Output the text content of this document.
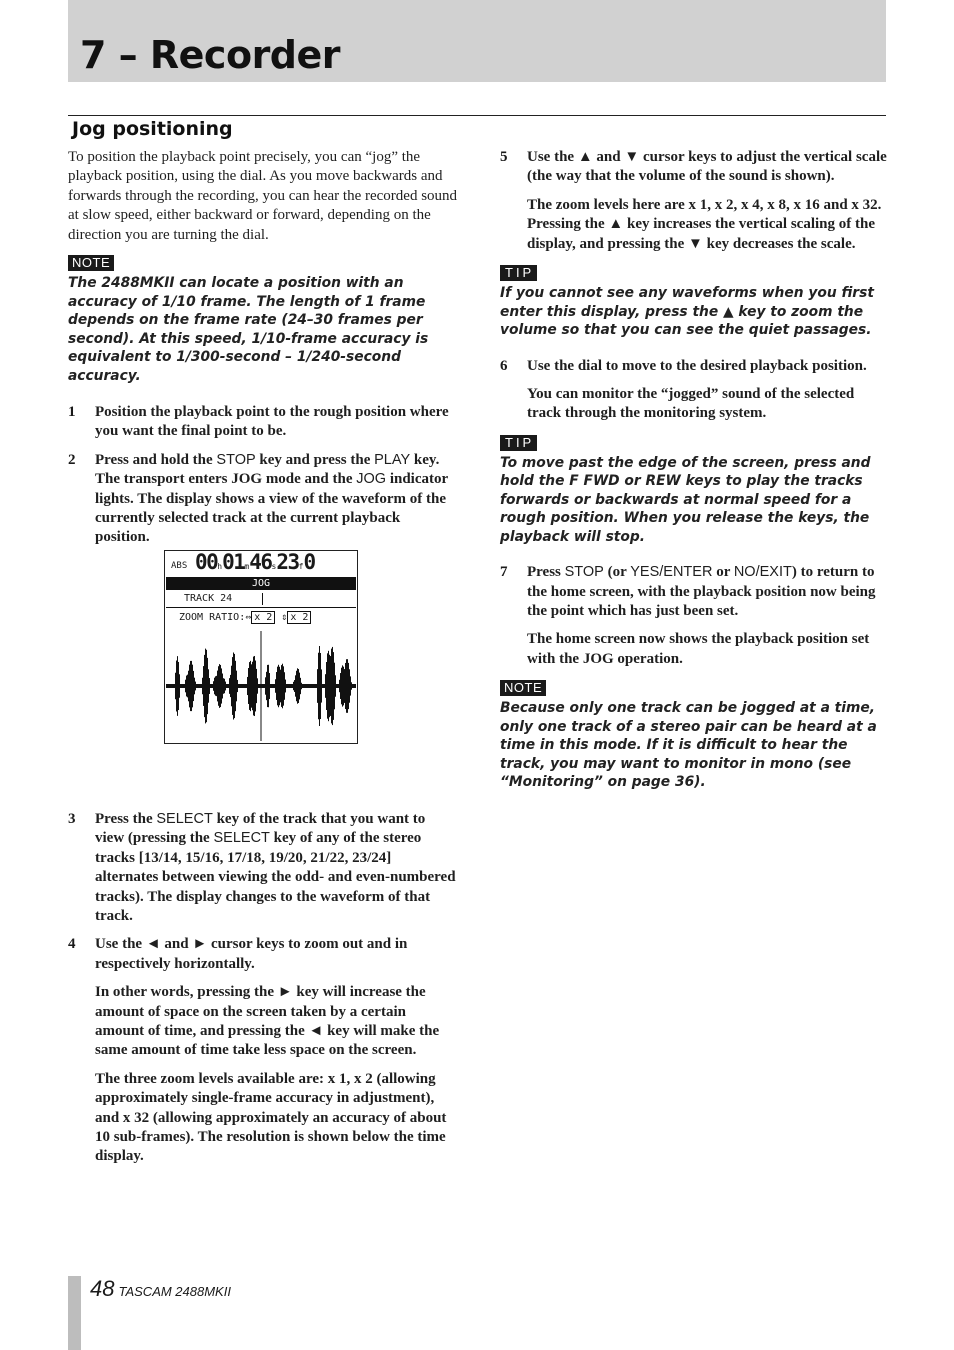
7 – Recorder
Jog positioning

To position the playback point precisely, you can “jog” the playback position, using the dial. As you move backwards and forwards through the recording, you can hear the recorded sound at slow speed, either backward or forward, depending on the direction you are turning the dial.

NOTE

The 2488MKII can locate a position with an accuracy of 1/10 frame. The length of 1 frame depends on the frame rate (24–30 frames per second). At this speed, 1/10-frame accuracy is equivalent to 1/300-second – 1/240-second accuracy.

1	Position the playback point to the rough position where you want the final point to be.
2	Press and hold the STOP key and press the PLAY key. The transport enters JOG mode and the JOG indicator lights. The display shows a view of the waveform of the currently selected track at the current playback position.
3	Press the SELECT key of the track that you want to view (pressing the SELECT key of any of the stereo tracks [13/14, 15/16, 17/18, 19/20, 21/22, 23/24] alternates between viewing the odd- and even-numbered tracks). The display changes to the waveform of that track.
4	Use the ◄ and ► cursor keys to zoom out and in respectively horizontally.

In other words, pressing the ► key will increase the amount of space on the screen taken by a certain amount of time, and pressing the ◄ key will make the same amount of time take less space on the screen.

The three zoom levels available are: x 1, x 2 (allowing approximately single-frame accuracy in adjustment), and x 32 (allowing approximately an accuracy of about 10 sub-frames). The resolution is shown below the time display.

ABS 00h01m46s23f0
JOG
TRACK 24
ZOOM RATIO:⇔ x 2 ⇕ x 2
5	Use the ▲ and ▼ cursor keys to adjust the vertical scale (the way that the volume of the sound is shown).

The zoom levels here are x 1, x 2, x 4, x 8, x 16 and x 32. Pressing the ▲ key increases the vertical scaling of the display, and pressing the ▼ key decreases the scale.

TIP

If you cannot see any waveforms when you first enter this display, press the ▲ key to zoom the volume so that you can see the quiet passages.

6	Use the dial to move to the desired playback position.

You can monitor the “jogged” sound of the selected track through the monitoring system.

TIP

To move past the edge of the screen, press and hold the F FWD or REW keys to play the tracks forwards or backwards at normal speed for a rough position. When you release the keys, the playback will stop.

7	Press STOP (or YES/ENTER or NO/EXIT) to return to the home screen, with the playback position now being the point which has just been set.

The home screen now shows the playback position set with the JOG operation.

NOTE

Because only one track can be jogged at a time, only one track of a stereo pair can be heard at a time in this mode. If it is difficult to hear the track, you may want to monitor in mono (see “Monitoring” on page 36).

48 TASCAM 2488MKII
